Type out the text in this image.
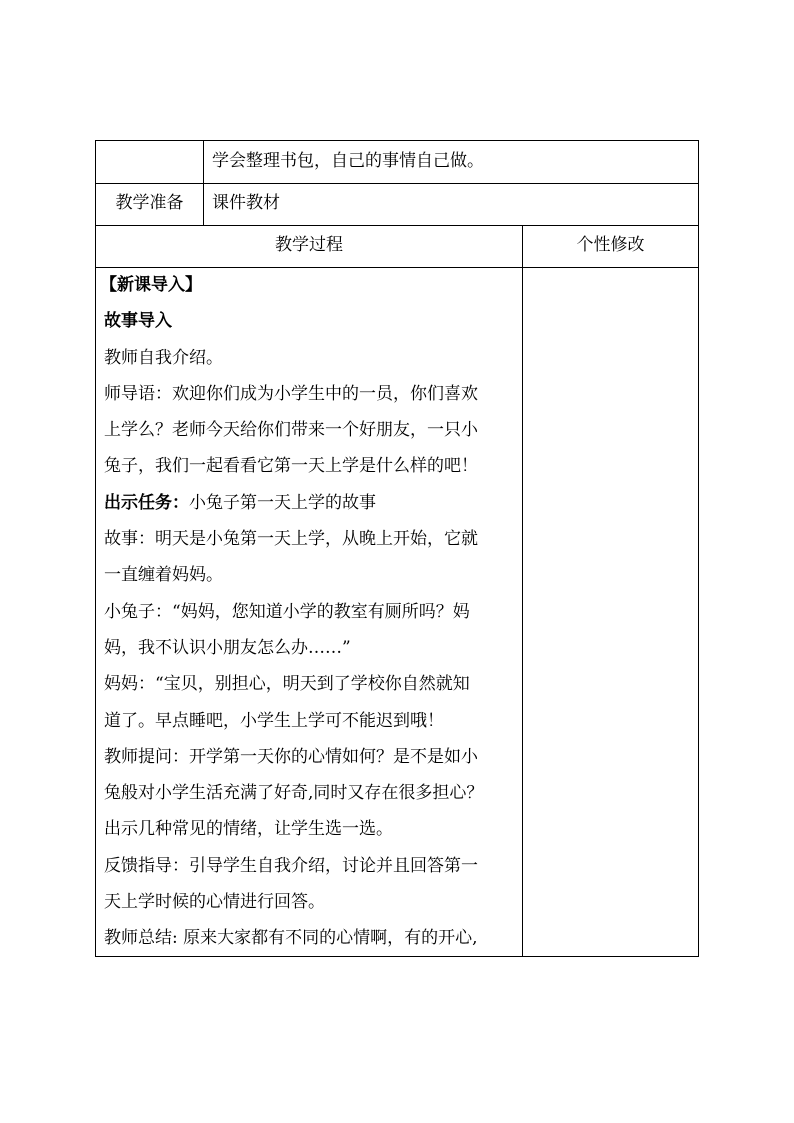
学会整理书包，自己的事情自己做。
教学准备	课件教材
教学过程	个性修改
【新课导入】
故事导入
教师自我介绍。
师导语：欢迎你们成为小学生中的一员，你们喜欢
上学么？老师今天给你们带来一个好朋友，一只小
兔子，我们一起看看它第一天上学是什么样的吧！
出示任务：小兔子第一天上学的故事
故事：明天是小兔第一天上学，从晚上开始，它就
一直缠着妈妈。
小兔子：“妈妈，您知道小学的教室有厕所吗？妈
妈，我不认识小朋友怎么办……”
妈妈：“宝贝，别担心，明天到了学校你自然就知
道了。早点睡吧，小学生上学可不能迟到哦！
教师提问：开学第一天你的心情如何？是不是如小
兔般对小学生活充满了好奇,同时又存在很多担心？
出示几种常见的情绪，让学生选一选。
反馈指导：引导学生自我介绍，讨论并且回答第一
天上学时候的心情进行回答。
教师总结: 原来大家都有不同的心情啊，有的开心,
